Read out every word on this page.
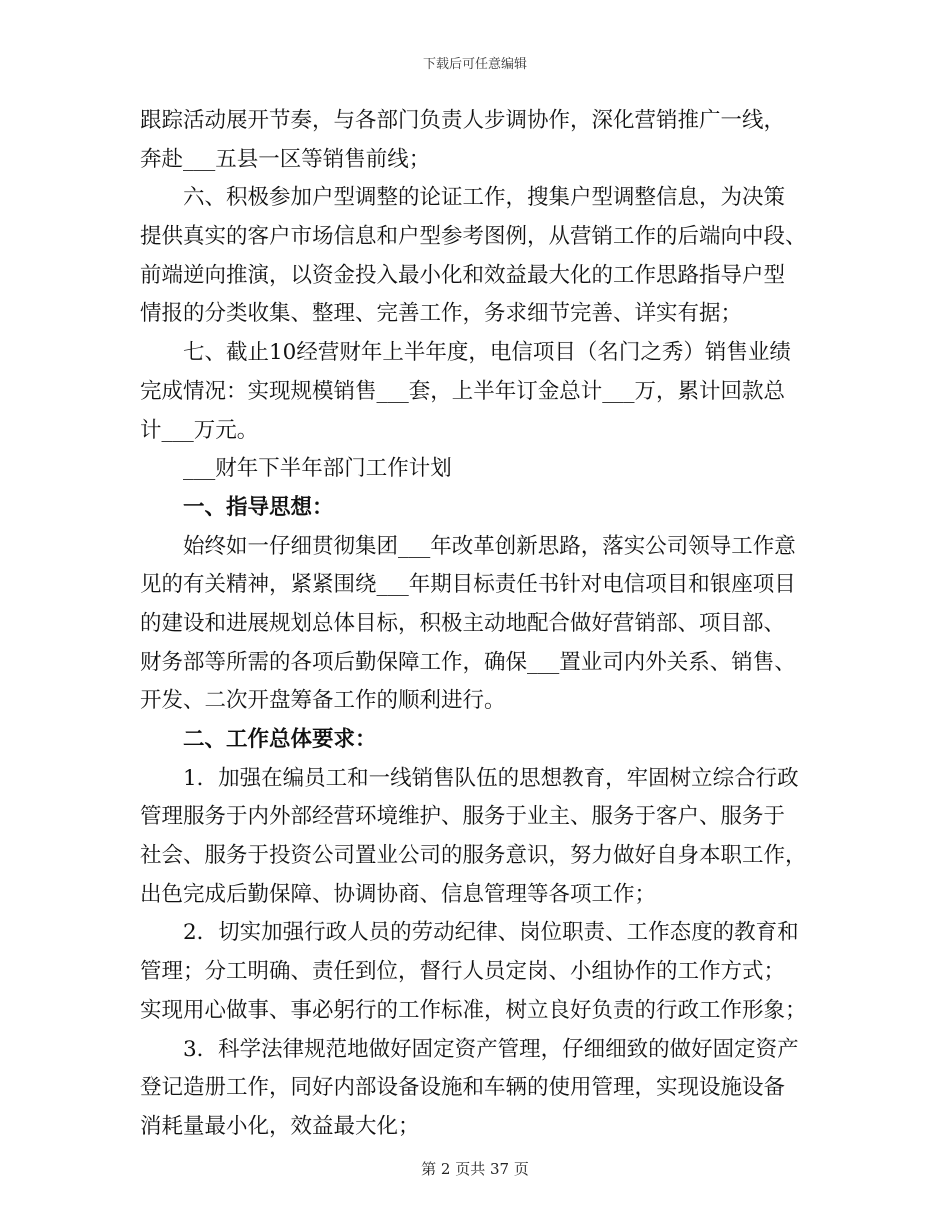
下载后可任意编辑
跟踪活动展开节奏，与各部门负责人步调协作，深化营销推广一线，
奔赴___五县一区等销售前线；
六、积极参加户型调整的论证工作，搜集户型调整信息，为决策
提供真实的客户市场信息和户型参考图例，从营销工作的后端向中段、
前端逆向推演，以资金投入最小化和效益最大化的工作思路指导户型
情报的分类收集、整理、完善工作，务求细节完善、详实有据；
七、截止10经营财年上半年度，电信项目（名门之秀）销售业绩
完成情况：实现规模销售___套，上半年订金总计___万，累计回款总
计___万元。
___财年下半年部门工作计划
一、指导思想：
始终如一仔细贯彻集团___年改革创新思路，落实公司领导工作意
见的有关精神，紧紧围绕___年期目标责任书针对电信项目和银座项目
的建设和进展规划总体目标，积极主动地配合做好营销部、项目部、
财务部等所需的各项后勤保障工作，确保___置业司内外关系、销售、
开发、二次开盘筹备工作的顺利进行。
二、工作总体要求：
1．加强在编员工和一线销售队伍的思想教育，牢固树立综合行政
管理服务于内外部经营环境维护、服务于业主、服务于客户、服务于
社会、服务于投资公司置业公司的服务意识，努力做好自身本职工作，
出色完成后勤保障、协调协商、信息管理等各项工作；
2．切实加强行政人员的劳动纪律、岗位职责、工作态度的教育和
管理；分工明确、责任到位，督行人员定岗、小组协作的工作方式；
实现用心做事、事必躬行的工作标准，树立良好负责的行政工作形象；
3．科学法律规范地做好固定资产管理，仔细细致的做好固定资产
登记造册工作，同好内部设备设施和车辆的使用管理，实现设施设备
消耗量最小化，效益最大化；
第 2 页共 37 页
